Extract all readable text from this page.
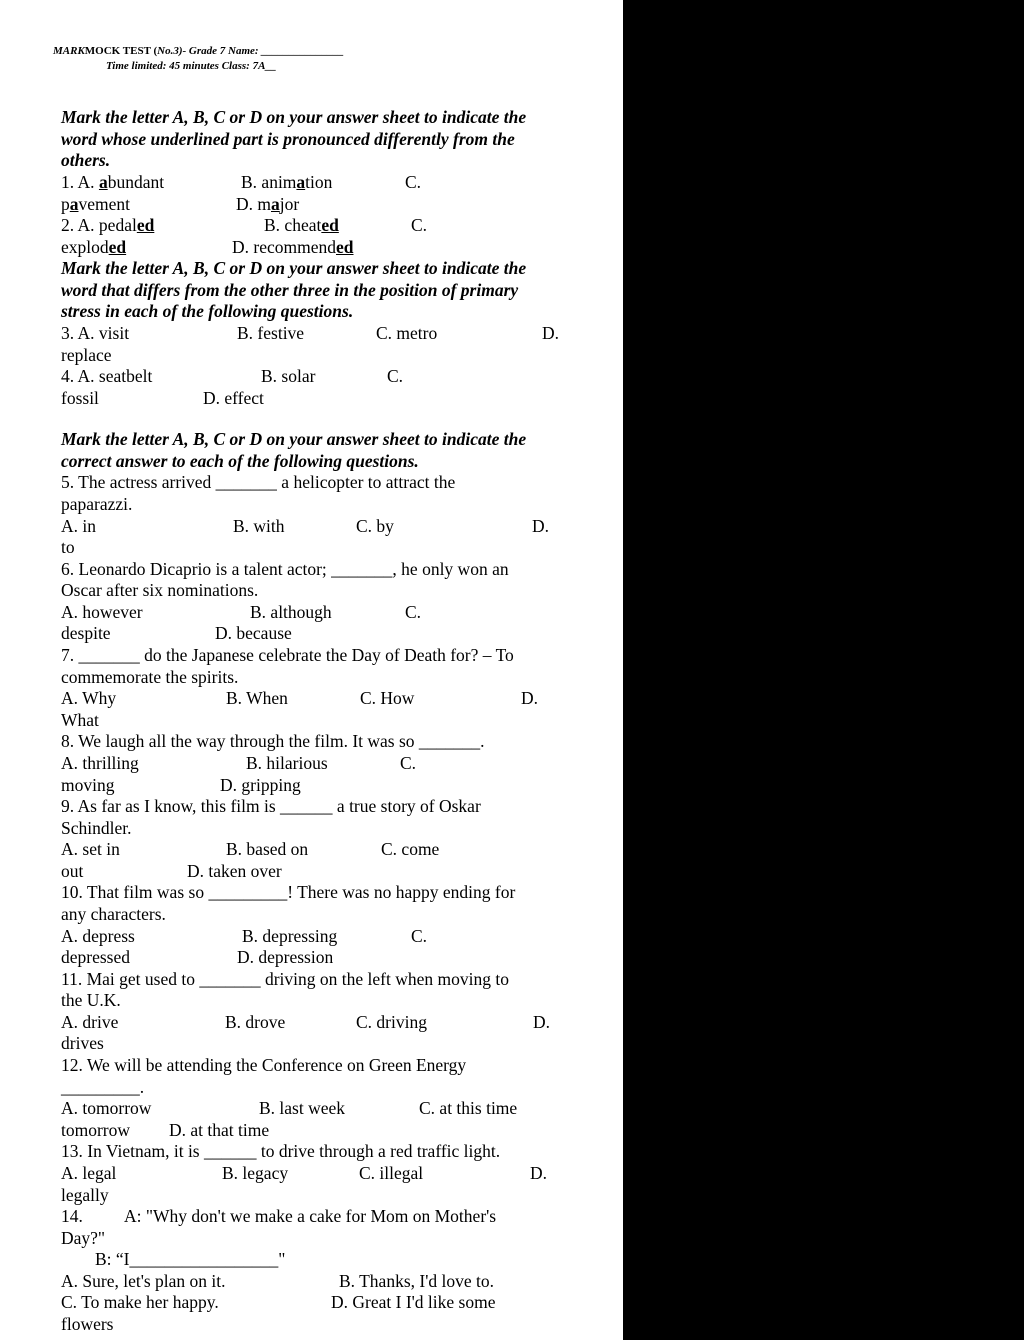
MARKMOCK TEST (No.3)- Grade 7 Name: _______________
Time limited: 45 minutes Class: 7A__
Mark the letter A, B, C or D on your answer sheet to indicate the
word whose underlined part is pronounced differently from the
others.
1. A. abundant	B. animation	C.
pavement	D. major
2. A. pedaled	B. cheated	C.
exploded	D. recommended
Mark the letter A, B, C or D on your answer sheet to indicate the
word that differs from the other three in the position of primary
stress in each of the following questions.
3. A. visit	B. festive	C. metro	D.
replace
4. A. seatbelt	B. solar	C.
fossil	D. effect
Mark the letter A, B, C or D on your answer sheet to indicate the
correct answer to each of the following questions.
5. The actress arrived _______ a helicopter to attract the
paparazzi.
A. in	B. with	C. by	D.
to
6. Leonardo Dicaprio is a talent actor; _______, he only won an
Oscar after six nominations.
A. however	B. although	C.
despite	D. because
7. _______ do the Japanese celebrate the Day of Death for? – To
commemorate the spirits.
A. Why	B. When	C. How	D.
What
8. We laugh all the way through the film. It was so _______.
A. thrilling	B. hilarious	C.
moving	D. gripping
9. As far as I know, this film is ______ a true story of Oskar
Schindler.
A. set in	B. based on	C. come
out	D. taken over
10. That film was so _________! There was no happy ending for
any characters.
A. depress	B. depressing	C.
depressed	D. depression
11. Mai get used to _______ driving on the left when moving to
the U.K.
A. drive	B. drove	C. driving	D.
drives
12. We will be attending the Conference on Green Energy
_________.
A. tomorrow	B. last week	C. at this time
tomorrow D. at that time
13. In Vietnam, it is ______ to drive through a red traffic light.
A. legal	B. legacy	C. illegal	D.
legally
14. A: "Why don't we make a cake for Mom on Mother's
Day?"
B: “I_________________"
A. Sure, let's plan on it.	B. Thanks, I'd love to.
C. To make her happy.	D. Great I I'd like some
flowers
